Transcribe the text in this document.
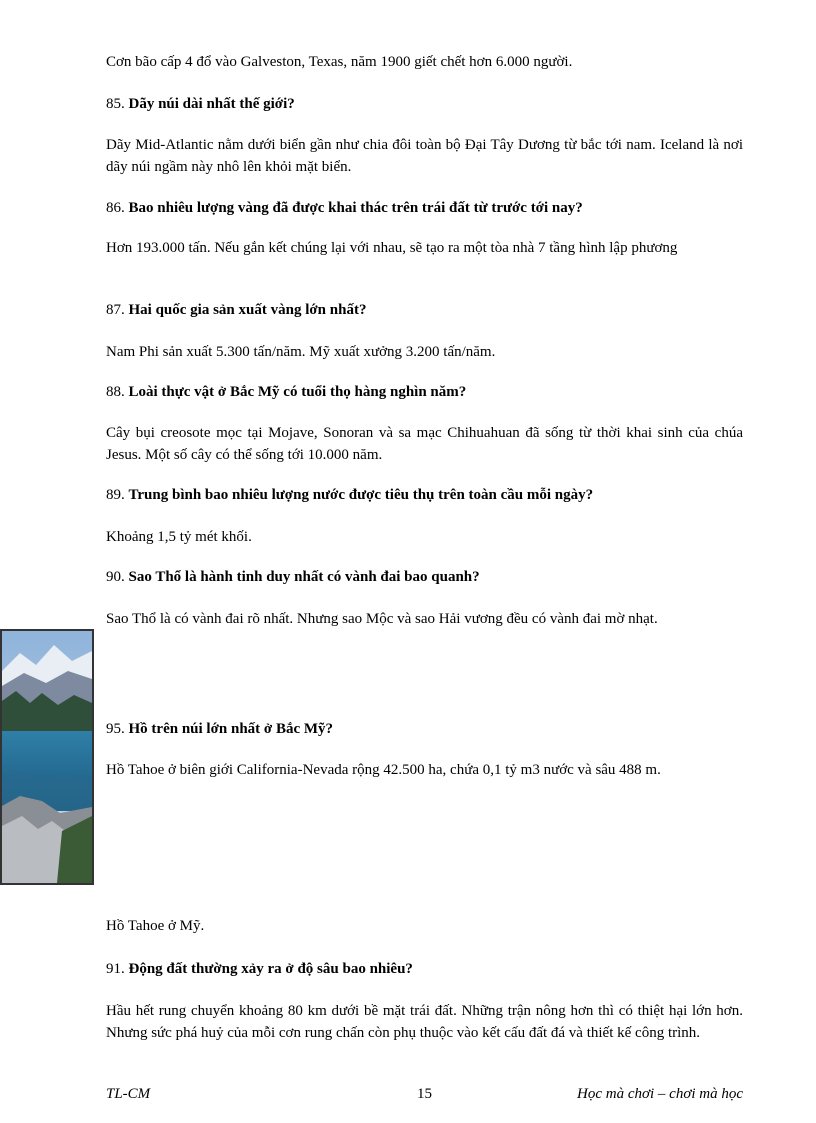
Cơn bão cấp 4 đổ vào Galveston, Texas, năm 1900 giết chết hơn 6.000 người.
85. Dãy núi dài nhất thế giới?
Dãy Mid-Atlantic nằm dưới biển gần như chia đôi toàn bộ Đại Tây Dương từ bắc tới nam. Iceland là nơi dãy núi ngầm này nhô lên khỏi mặt biển.
86. Bao nhiêu lượng vàng đã được khai thác trên trái đất từ trước tới nay?
Hơn 193.000 tấn. Nếu gắn kết chúng lại với nhau, sẽ tạo ra một tòa nhà 7 tầng hình lập phương
87. Hai quốc gia sản xuất vàng lớn nhất?
Nam Phi sản xuất 5.300 tấn/năm. Mỹ xuất xưởng 3.200 tấn/năm.
88. Loài thực vật ở Bắc Mỹ có tuổi thọ hàng nghìn năm?
Cây bụi creosote mọc tại Mojave, Sonoran và sa mạc Chihuahuan đã sống từ thời khai sinh của chúa Jesus. Một số cây có thể sống tới 10.000 năm.
89. Trung bình bao nhiêu lượng nước được tiêu thụ trên toàn cầu mỗi ngày?
Khoảng 1,5 tỷ mét khối.
90. Sao Thổ là hành tinh duy nhất có vành đai bao quanh?
Sao Thổ là có vành đai rõ nhất. Nhưng sao Mộc và sao Hải vương đều có vành đai mờ nhạt.
95. Hồ trên núi lớn nhất ở Bắc Mỹ?
Hồ Tahoe ở biên giới California-Nevada rộng 42.500 ha, chứa 0,1 tỷ m3 nước và sâu 488 m.
Hồ Tahoe ở Mỹ.
91. Động đất thường xảy ra ở độ sâu bao nhiêu?
Hầu hết rung chuyển khoảng 80 km dưới bề mặt trái đất. Những trận nông hơn thì có thiệt hại lớn hơn. Nhưng sức phá huỷ của mỗi cơn rung chấn còn phụ thuộc vào kết cấu đất đá và thiết kế công trình.
TL-CM	15	Học mà chơi – chơi mà học
